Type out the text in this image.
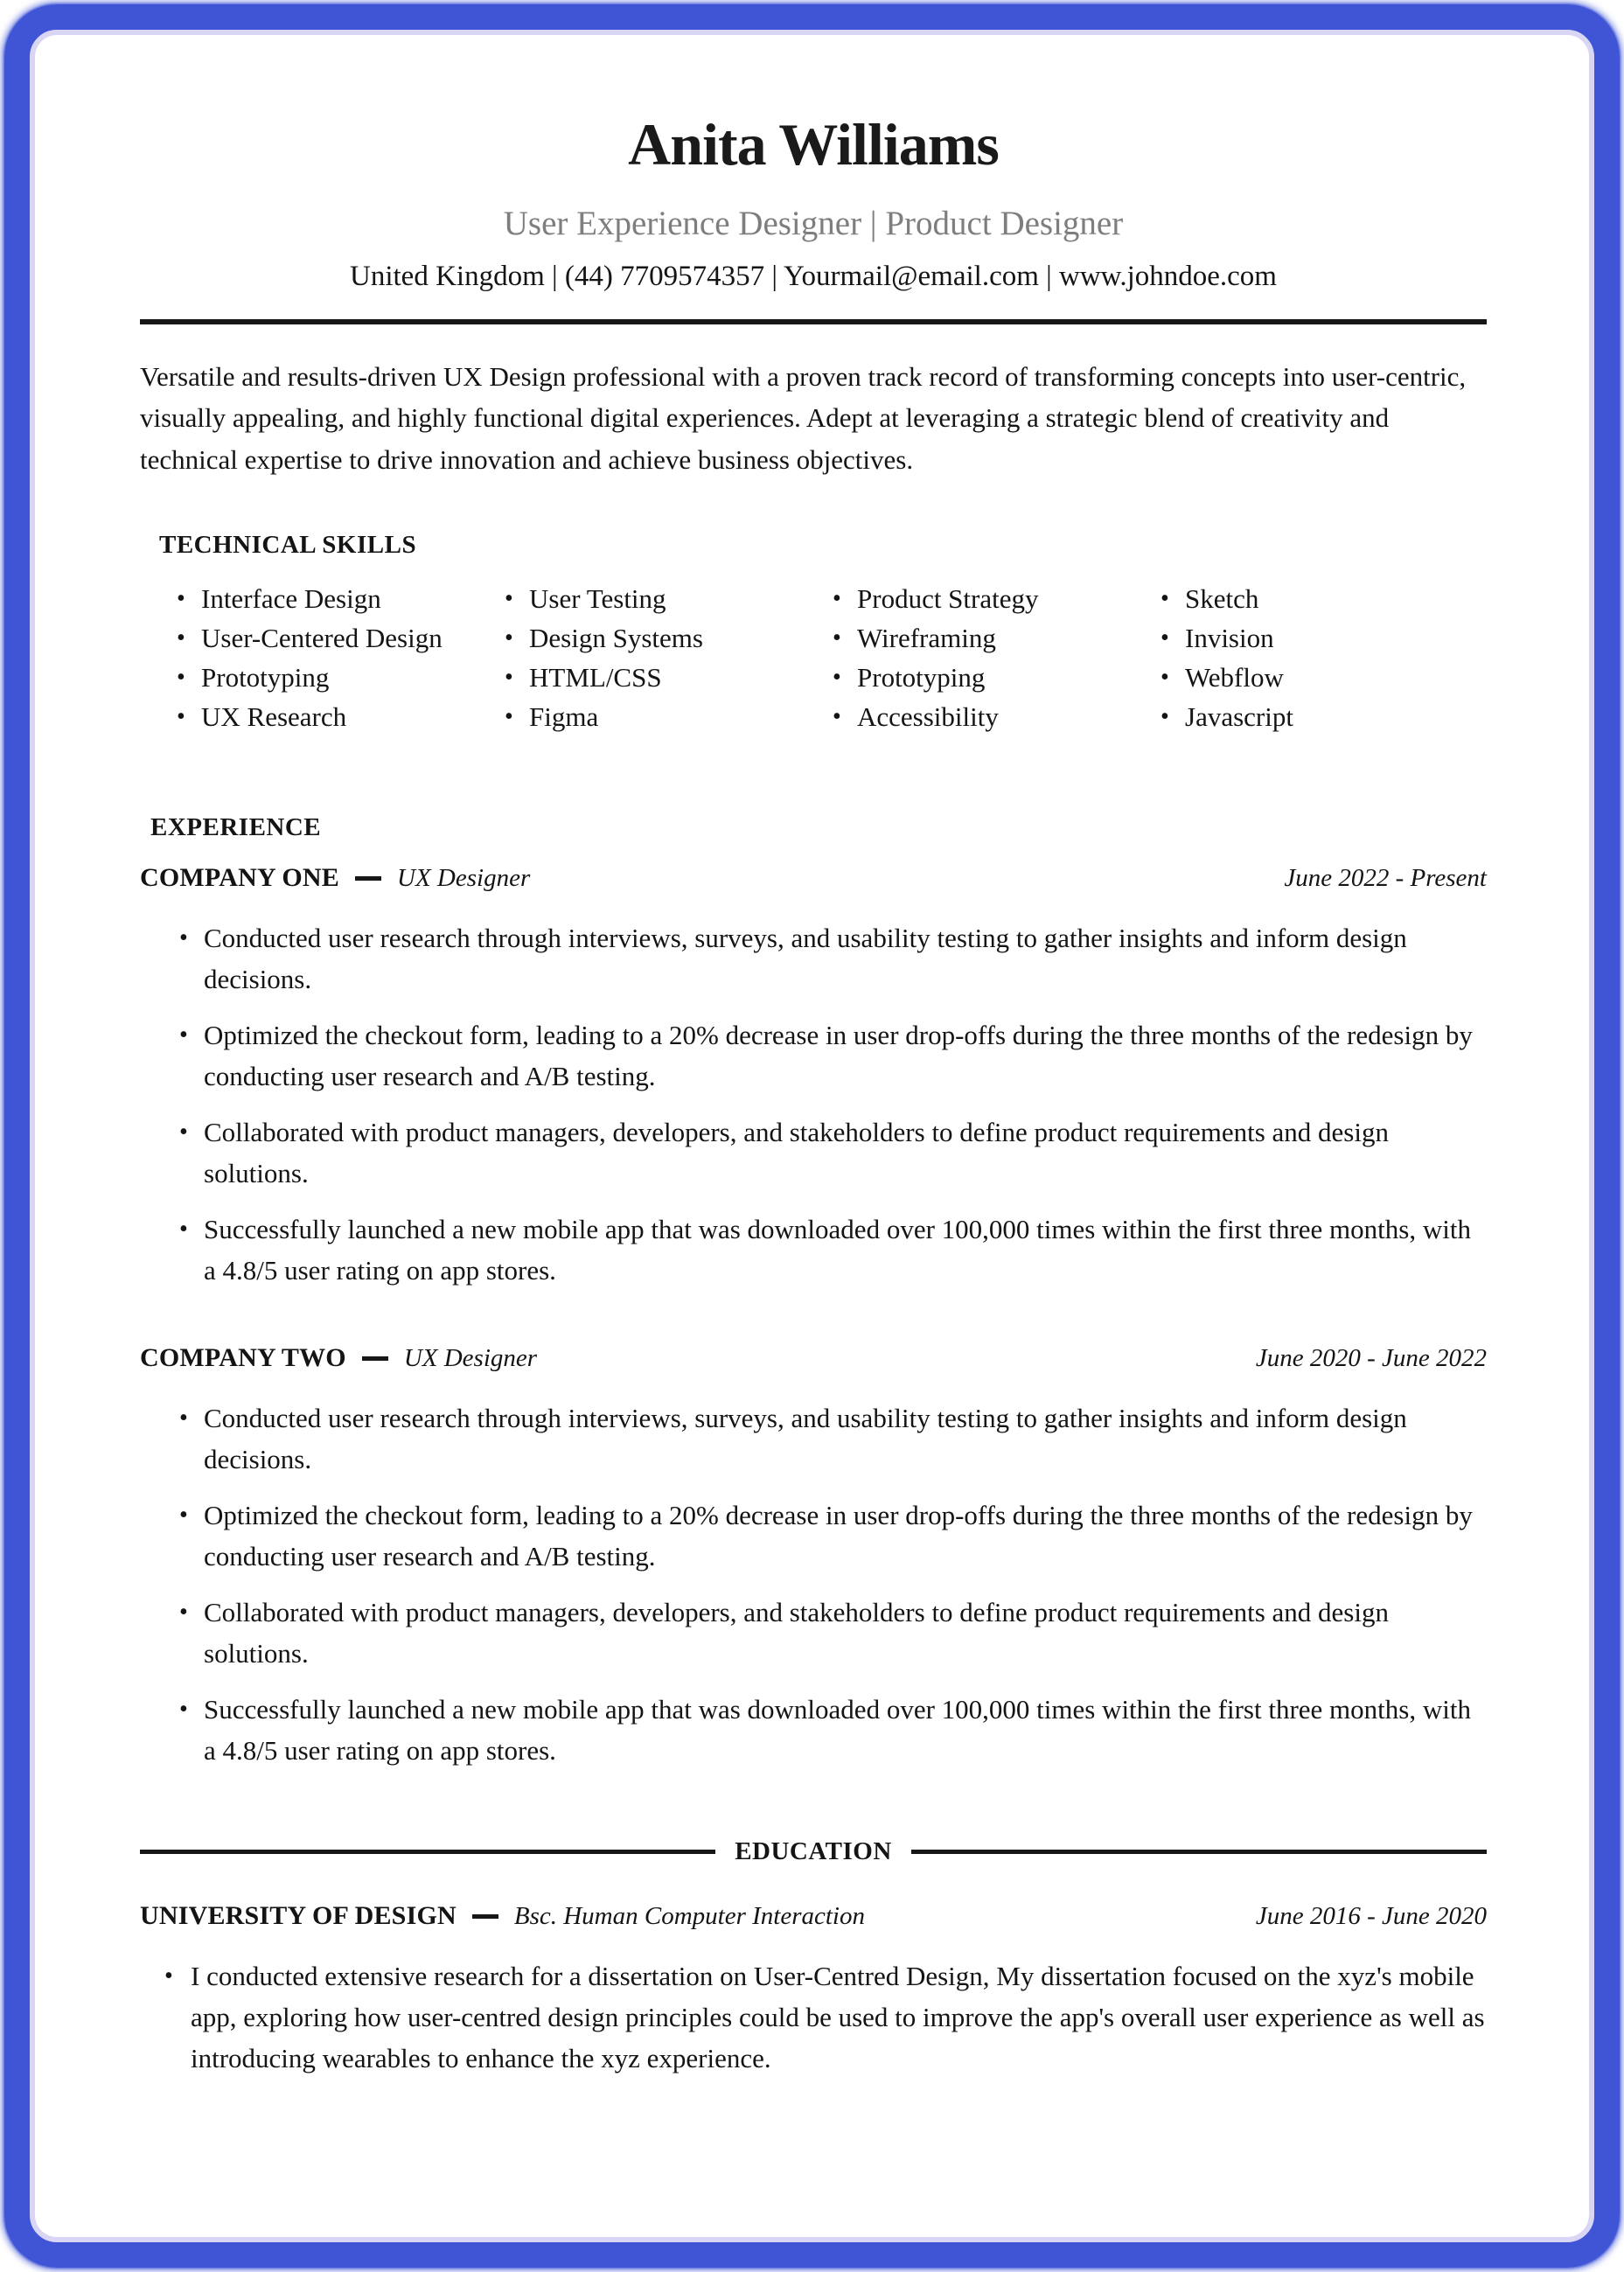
Anita Williams
User Experience Designer | Product Designer
United Kingdom | (44) 7709574357 | Yourmail@email.com | www.johndoe.com

Versatile and results-driven UX Design professional with a proven track record of transforming concepts into user-centric, visually appealing, and highly functional digital experiences. Adept at leveraging a strategic blend of creativity and technical expertise to drive innovation and achieve business objectives.

TECHNICAL SKILLS
• Interface Design
• User-Centered Design
• Prototyping
• UX Research
• User Testing
• Design Systems
• HTML/CSS
• Figma
• Product Strategy
• Wireframing
• Prototyping
• Accessibility
• Sketch
• Invision
• Webflow
• Javascript
EXPERIENCE
COMPANY ONE UX Designer	June 2022 - Present
• Conducted user research through interviews, surveys, and usability testing to gather insights and inform design decisions.
• Optimized the checkout form, leading to a 20% decrease in user drop-offs during the three months of the redesign by conducting user research and A/B testing.
• Collaborated with product managers, developers, and stakeholders to define product requirements and design solutions.
• Successfully launched a new mobile app that was downloaded over 100,000 times within the first three months, with a 4.8/5 user rating on app stores.
COMPANY TWO UX Designer	June 2020 - June 2022
• Conducted user research through interviews, surveys, and usability testing to gather insights and inform design decisions.
• Optimized the checkout form, leading to a 20% decrease in user drop-offs during the three months of the redesign by conducting user research and A/B testing.
• Collaborated with product managers, developers, and stakeholders to define product requirements and design solutions.
• Successfully launched a new mobile app that was downloaded over 100,000 times within the first three months, with a 4.8/5 user rating on app stores.
EDUCATION
UNIVERSITY OF DESIGN Bsc. Human Computer Interaction	June 2016 - June 2020
• I conducted extensive research for a dissertation on User-Centred Design, My dissertation focused on the xyz's mobile app, exploring how user-centred design principles could be used to improve the app's overall user experience as well as introducing wearables to enhance the xyz experience.
